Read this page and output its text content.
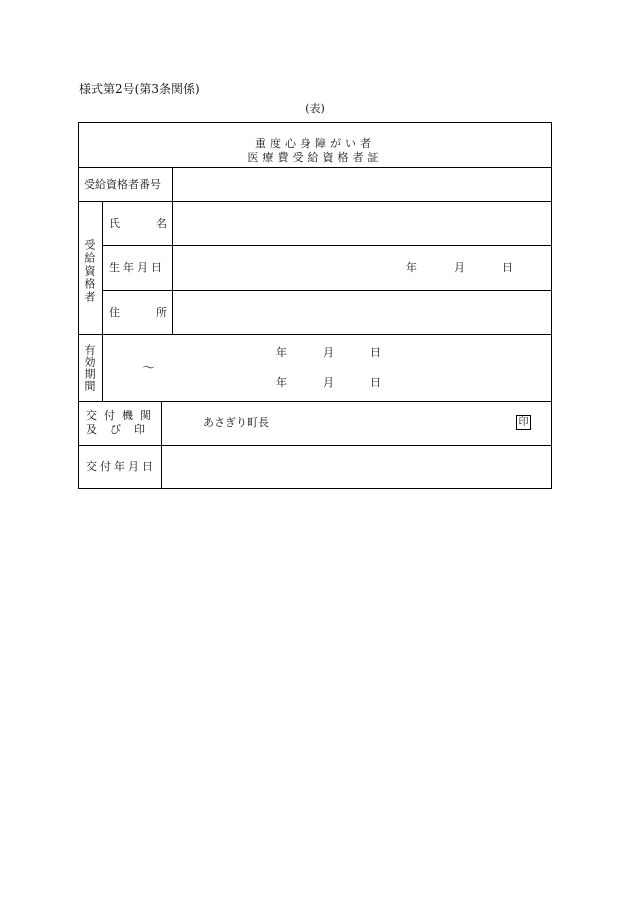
様式第2号(第3条関係)
(表)
重度心身障がい者
医療費受給資格者証
受給資格者番号
受給資格者
氏	名
生年月日	年	月	日
住	所
有効期間	〜
年	月	日
年	月	日
交付機関
及び印
あさぎり町長	印
交付年月日
